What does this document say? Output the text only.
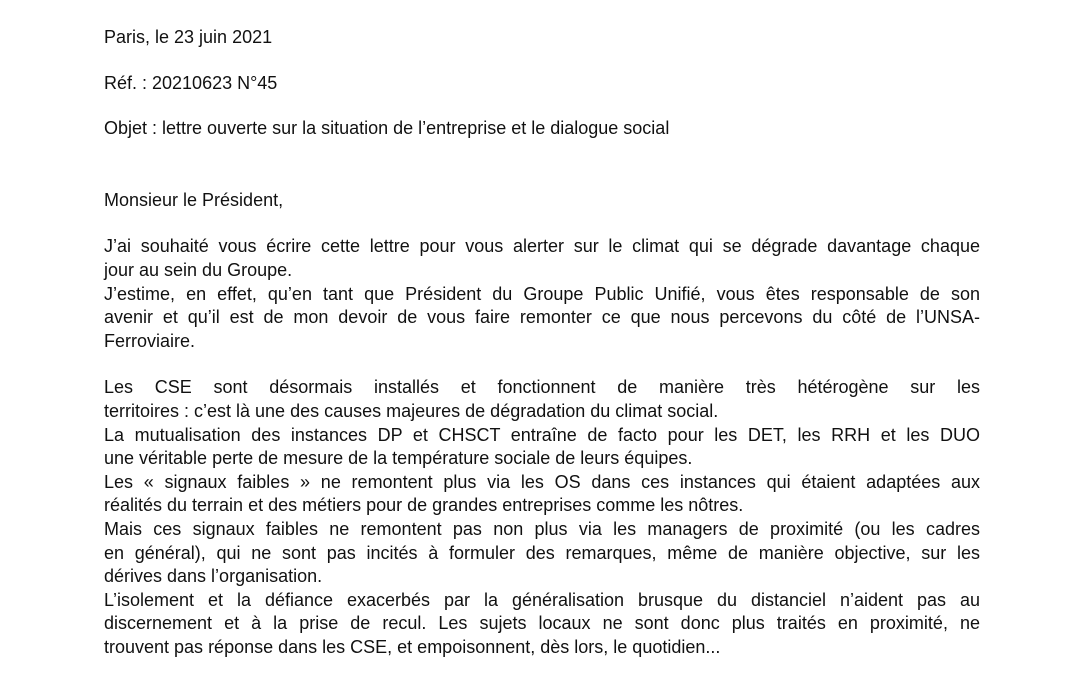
Paris, le 23 juin 2021
Réf. : 20210623 N°45
Objet : lettre ouverte sur la situation de l’entreprise et le dialogue social
Monsieur le Président,
J’ai souhaité vous écrire cette lettre pour vous alerter sur le climat qui se dégrade davantage chaque
jour au sein du Groupe.
J’estime, en effet, qu’en tant que Président du Groupe Public Unifié, vous êtes responsable de son
avenir et qu’il est de mon devoir de vous faire remonter ce que nous percevons du côté de l’UNSA-
Ferroviaire.
Les CSE sont désormais installés et fonctionnent de manière très hétérogène sur les
territoires : c’est là une des causes majeures de dégradation du climat social.
La mutualisation des instances DP et CHSCT entraîne de facto pour les DET, les RRH et les DUO
une véritable perte de mesure de la température sociale de leurs équipes.
Les « signaux faibles » ne remontent plus via les OS dans ces instances qui étaient adaptées aux
réalités du terrain et des métiers pour de grandes entreprises comme les nôtres.
Mais ces signaux faibles ne remontent pas non plus via les managers de proximité (ou les cadres
en général), qui ne sont pas incités à formuler des remarques, même de manière objective, sur les
dérives dans l’organisation.
L’isolement et la défiance exacerbés par la généralisation brusque du distanciel n’aident pas au
discernement et à la prise de recul. Les sujets locaux ne sont donc plus traités en proximité, ne
trouvent pas réponse dans les CSE, et empoisonnent, dès lors, le quotidien...
